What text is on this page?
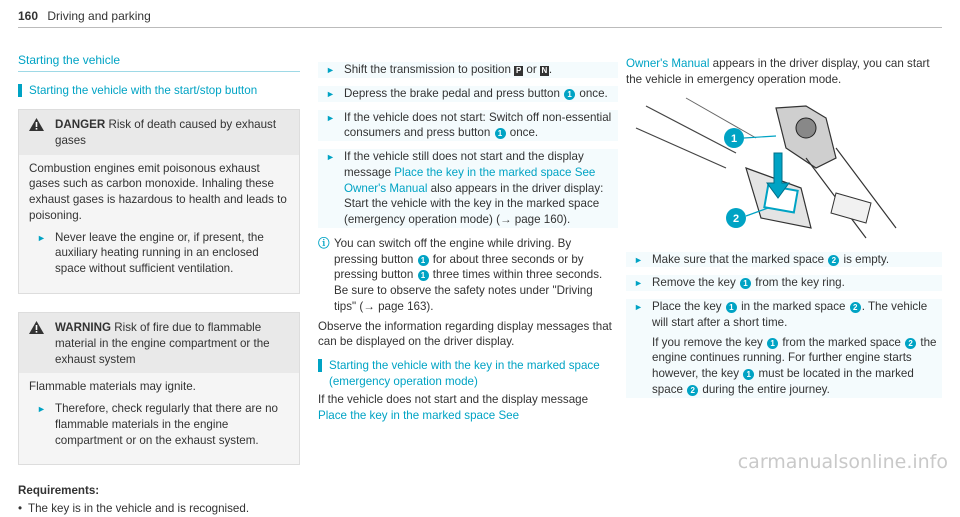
160 Driving and parking
Starting the vehicle
Starting the vehicle with the start/stop button
DANGER Risk of death caused by exhaust gases
Combustion engines emit poisonous exhaust gases such as carbon monoxide. Inhaling these exhaust gases is hazardous to health and leads to poisoning.
► Never leave the engine or, if present, the auxiliary heating running in an enclosed space without sufficient ventilation.
WARNING Risk of fire due to flammable material in the engine compartment or the exhaust system
Flammable materials may ignite.
► Therefore, check regularly that there are no flammable materials in the engine compartment or on the exhaust system.
Requirements:
• The key is in the vehicle and is recognised.
► Shift the transmission to position P or N .
► Depress the brake pedal and press button 1 once.
► If the vehicle does not start: Switch off non-essential consumers and press button 1 once.
► If the vehicle still does not start and the display message Place the key in the marked space See Owner's Manual also appears in the driver display: Start the vehicle with the key in the marked space (emergency operation mode) (→ page 160).
ⓘ You can switch off the engine while driving. By pressing button 1 for about three seconds or by pressing button 1 three times within three seconds. Be sure to observe the safety notes under "Driving tips" (→ page 163).
Observe the information regarding display messages that can be displayed on the driver display.
Starting the vehicle with the key in the marked space (emergency operation mode)
If the vehicle does not start and the display message Place the key in the marked space See
Owner's Manual appears in the driver display, you can start the vehicle in emergency operation mode.
1
2
► Make sure that the marked space 2 is empty.
► Remove the key 1 from the key ring.
► Place the key 1 in the marked space 2 . The vehicle will start after a short time.
If you remove the key 1 from the marked space 2 the engine continues running. For further engine starts however, the key 1 must be located in the marked space 2 during the entire journey.
carmanualsonline.info
